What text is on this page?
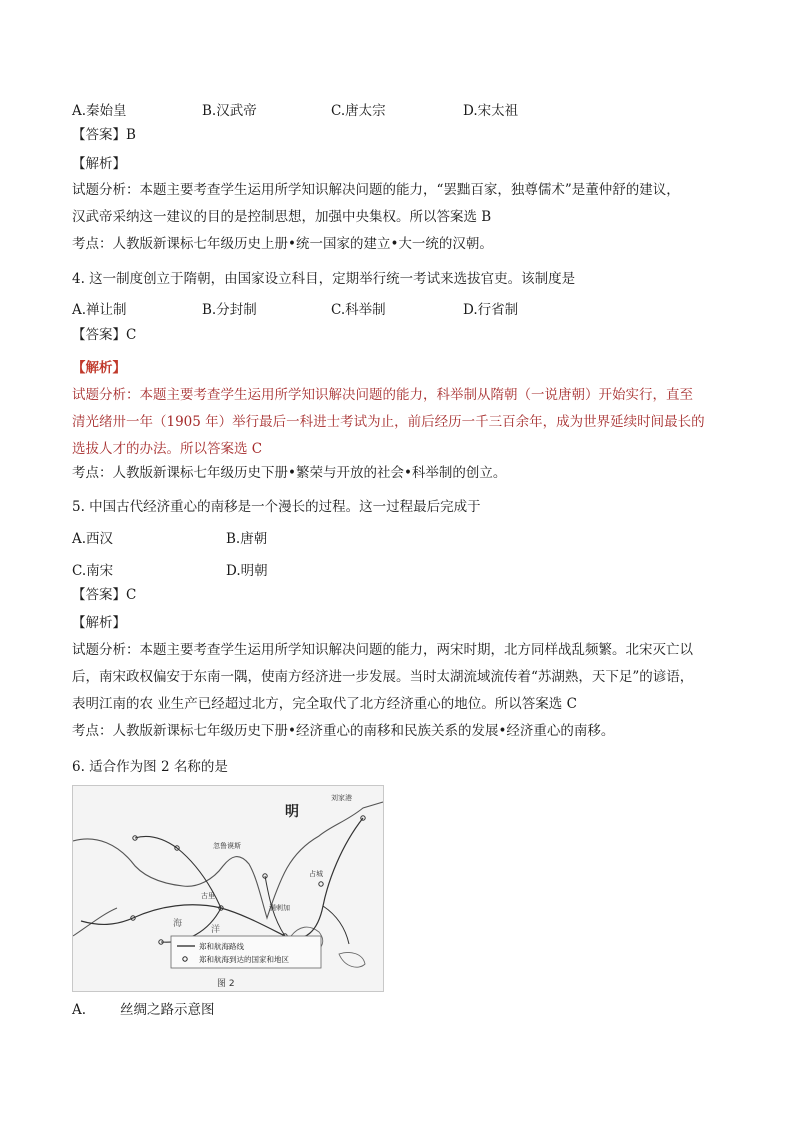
A.秦始皇	B.汉武帝	C.唐太宗	D.宋太祖
【答案】B
【解析】
试题分析：本题主要考查学生运用所学知识解决问题的能力，“罢黜百家，独尊儒术”是董仲舒的建议，
汉武帝采纳这一建议的目的是控制思想，加强中央集权。所以答案选 B
考点：人教版新课标七年级历史上册•统一国家的建立•大一统的汉朝。
4. 这一制度创立于隋朝，由国家设立科目，定期举行统一考试来选拔官吏。该制度是
A.禅让制	B.分封制	C.科举制	D.行省制
【答案】C
【解析】
试题分析：本题主要考查学生运用所学知识解决问题的能力，科举制从隋朝（一说唐朝）开始实行，直至
清光绪卅一年（1905 年）举行最后一科进士考试为止，前后经历一千三百余年，成为世界延续时间最长的
选拔人才的办法。所以答案选 C
考点：人教版新课标七年级历史下册•繁荣与开放的社会•科举制的创立。
5. 中国古代经济重心的南移是一个漫长的过程。这一过程最后完成于
A.西汉	B.唐朝
C.南宋	D.明朝
【答案】C
【解析】
试题分析：本题主要考查学生运用所学知识解决问题的能力，两宋时期，北方同样战乱频繁。北宋灭亡以
后，南宋政权偏安于东南一隅，使南方经济进一步发展。当时太湖流域流传着“苏湖熟，天下足”的谚语，
表明江南的农 业生产已经超过北方，完全取代了北方经济重心的地位。所以答案选 C
考点：人教版新课标七年级历史下册•经济重心的南移和民族关系的发展•经济重心的南移。
6. 适合作为图 2 名称的是
明
刘家港
忽鲁谟斯
古里
满剌加
占城
海
洋
郑和航海路线
郑和航海到达的国家和地区
图 2
A.	丝绸之路示意图
